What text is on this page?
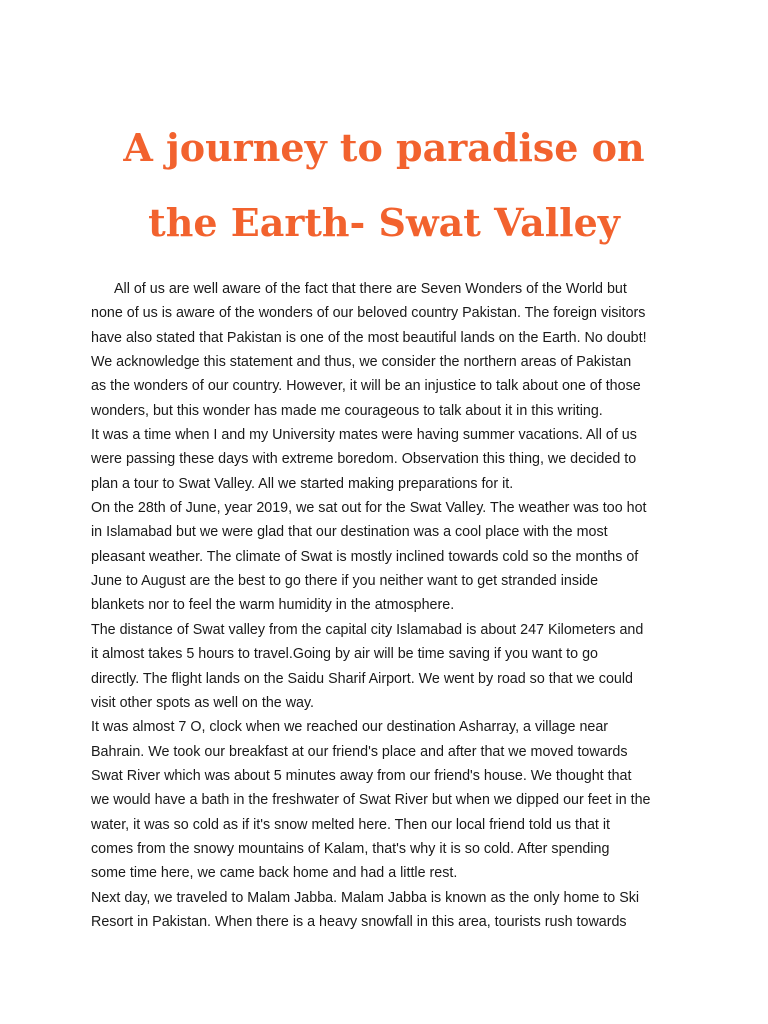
A journey to paradise on
the Earth- Swat Valley

All of us are well aware of the fact that there are Seven Wonders of the World but
none of us is aware of the wonders of our beloved country Pakistan. The foreign visitors
have also stated that Pakistan is one of the most beautiful lands on the Earth. No doubt!
We acknowledge this statement and thus, we consider the northern areas of Pakistan
as the wonders of our country. However, it will be an injustice to talk about one of those
wonders, but this wonder has made me courageous to talk about it in this writing.

It was a time when I and my University mates were having summer vacations. All of us
were passing these days with extreme boredom. Observation this thing, we decided to
plan a tour to Swat Valley. All we started making preparations for it.

On the 28th of June, year 2019, we sat out for the Swat Valley. The weather was too hot
in Islamabad but we were glad that our destination was a cool place with the most
pleasant weather. The climate of Swat is mostly inclined towards cold so the months of
June to August are the best to go there if you neither want to get stranded inside
blankets nor to feel the warm humidity in the atmosphere.

The distance of Swat valley from the capital city Islamabad is about 247 Kilometers and
it almost takes 5 hours to travel.Going by air will be time saving if you want to go
directly. The flight lands on the Saidu Sharif Airport. We went by road so that we could
visit other spots as well on the way.

It was almost 7 O, clock when we reached our destination Asharray, a village near
Bahrain. We took our breakfast at our friend's place and after that we moved towards
Swat River which was about 5 minutes away from our friend's house. We thought that
we would have a bath in the freshwater of Swat River but when we dipped our feet in the
water, it was so cold as if it's snow melted here. Then our local friend told us that it
comes from the snowy mountains of Kalam, that's why it is so cold. After spending
some time here, we came back home and had a little rest.

Next day, we traveled to Malam Jabba. Malam Jabba is known as the only home to Ski
Resort in Pakistan. When there is a heavy snowfall in this area, tourists rush towards
